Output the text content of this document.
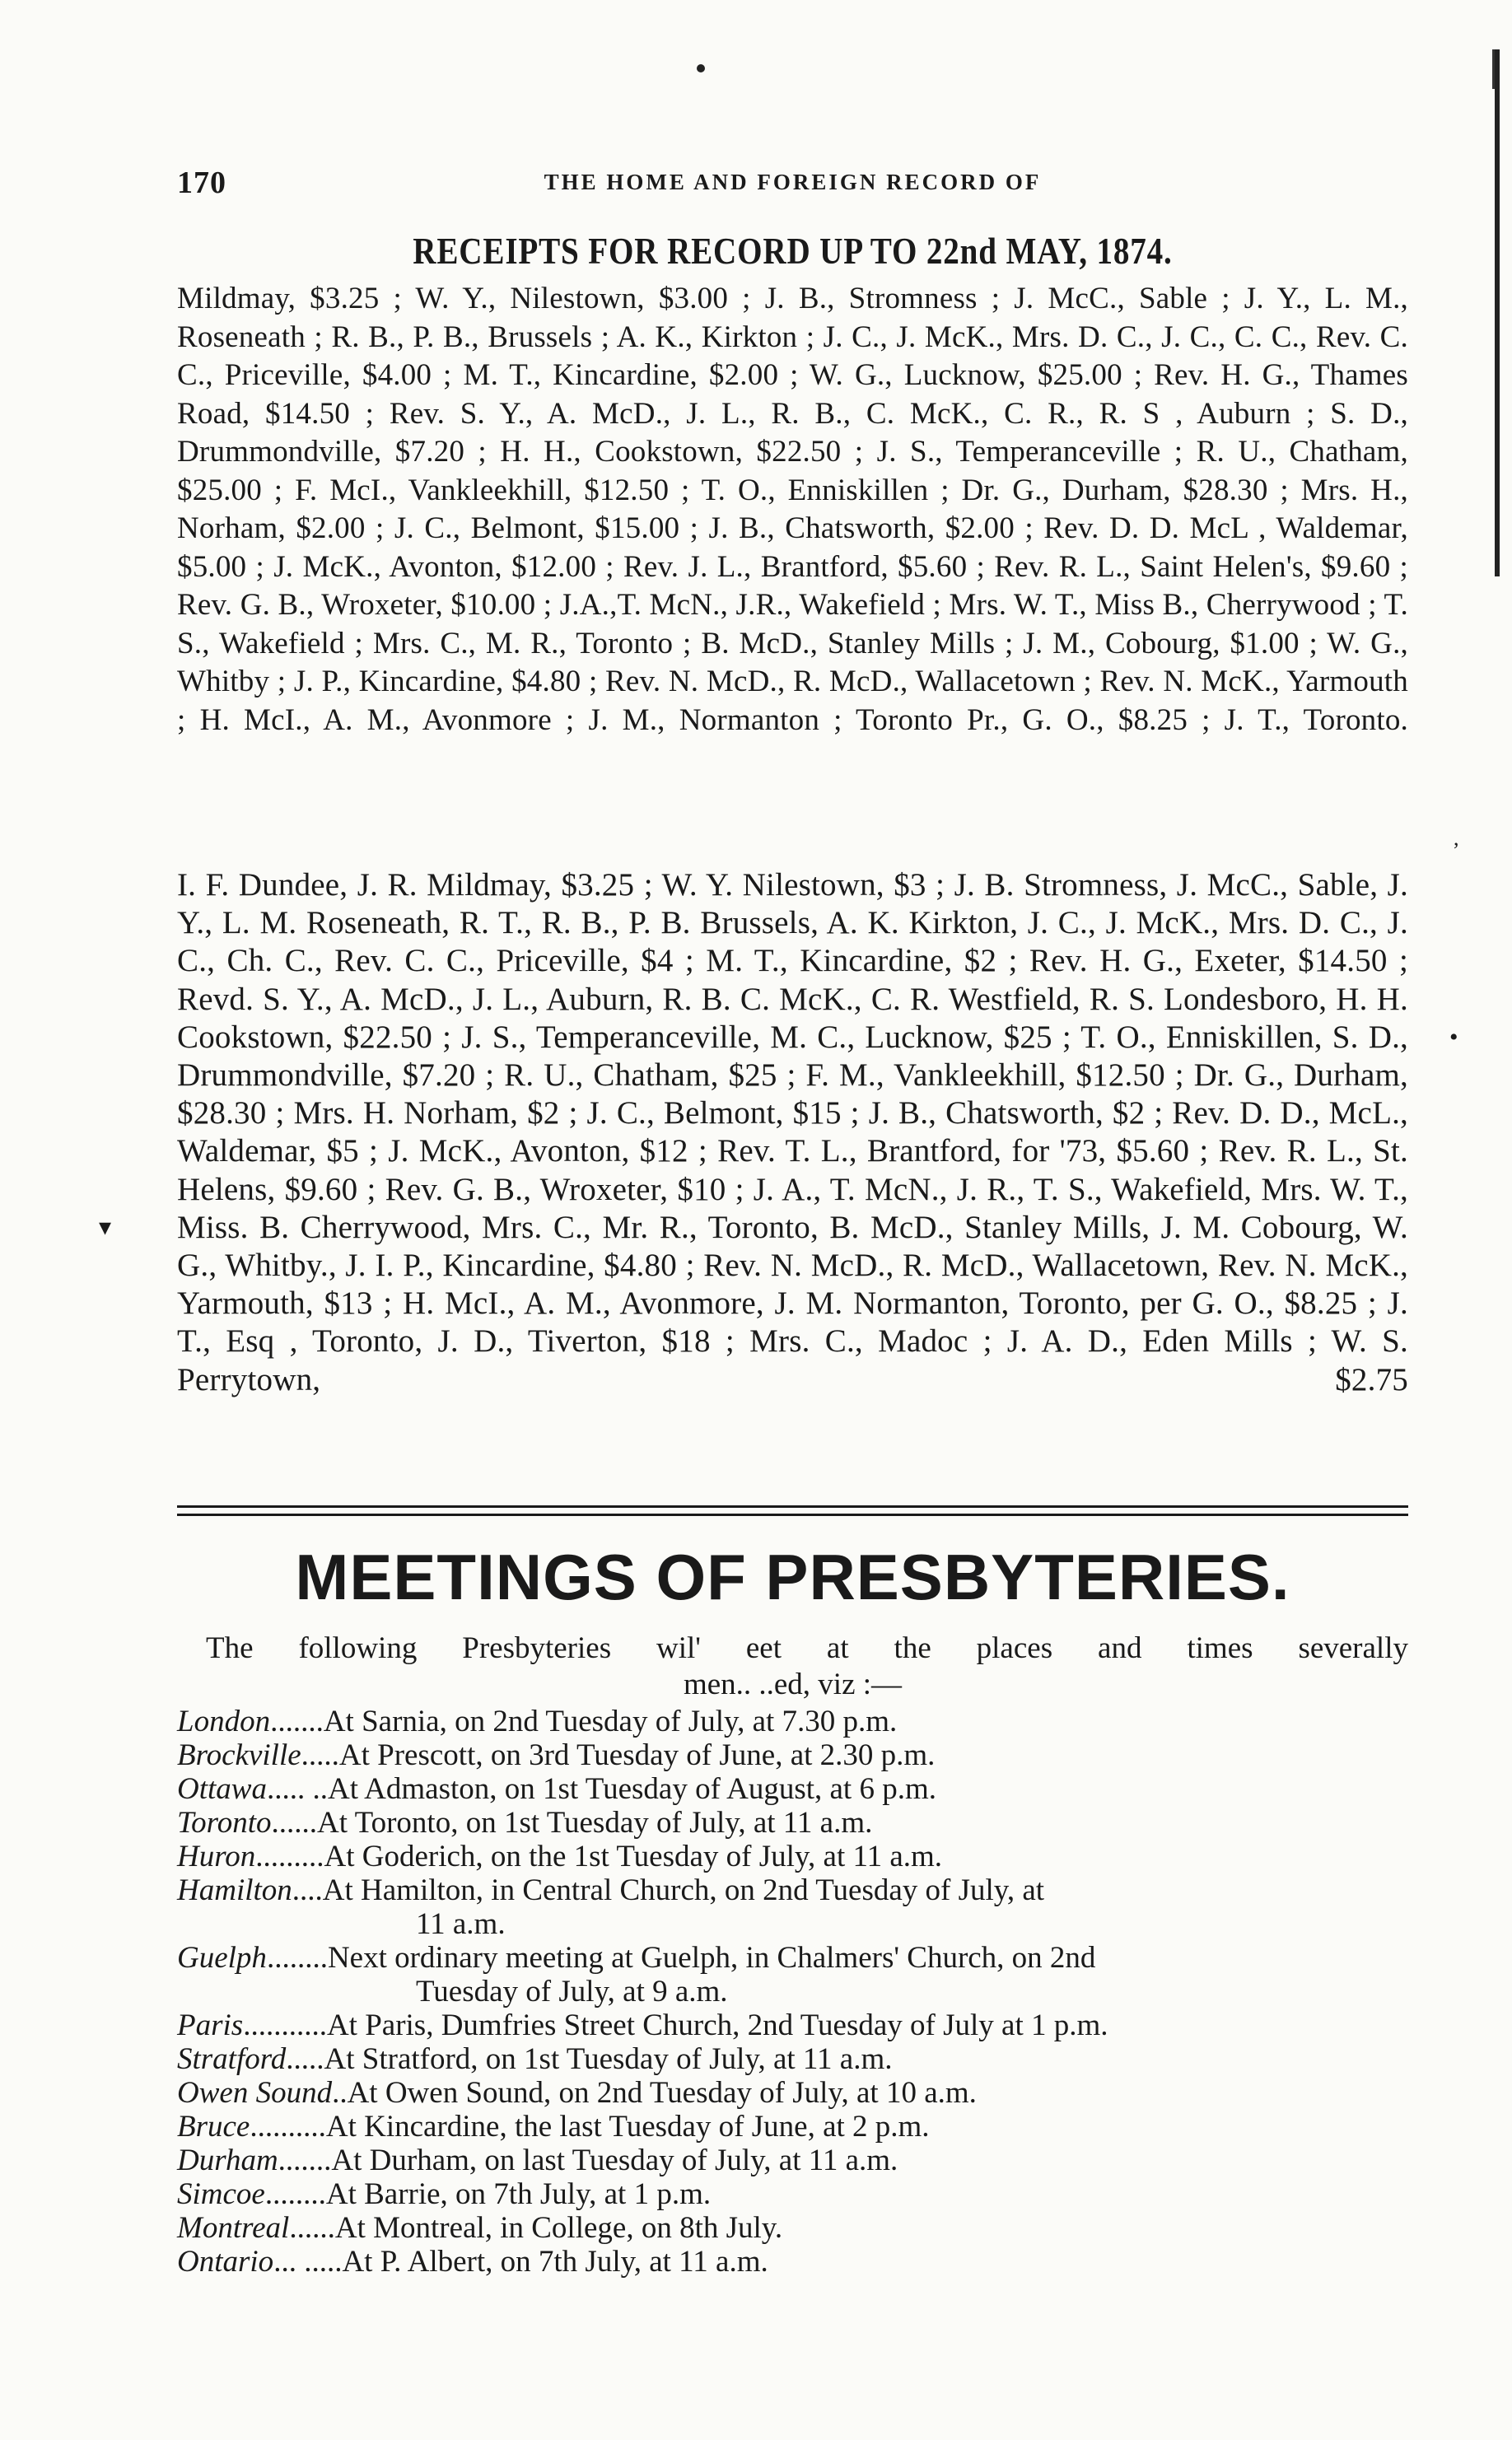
170	THE HOME AND FOREIGN RECORD OF
RECEIPTS FOR RECORD UP TO 22nd MAY, 1874.

Mildmay, $3.25 ; W. Y., Nilestown, $3.00 ; J. B., Stromness ; J. McC., Sable ; J. Y., L. M., Roseneath ; R. B., P. B., Brussels ; A. K., Kirkton ; J. C., J. McK., Mrs. D. C., J. C., C. C., Rev. C. C., Priceville, $4.00 ; M. T., Kincardine, $2.00 ; W. G., Lucknow, $25.00 ; Rev. H. G., Thames Road, $14.50 ; Rev. S. Y., A. McD., J. L., R. B., C. McK., C. R., R. S , Auburn ; S. D., Drummondville, $7.20 ; H. H., Cookstown, $22.50 ; J. S., Temperanceville ; R. U., Chatham, $25.00 ; F. McI., Vankleekhill, $12.50 ; T. O., Enniskillen ; Dr. G., Durham, $28.30 ; Mrs. H., Norham, $2.00 ; J. C., Belmont, $15.00 ; J. B., Chatsworth, $2.00 ; Rev. D. D. McL , Waldemar, $5.00 ; J. McK., Avonton, $12.00 ; Rev. J. L., Brantford, $5.60 ; Rev. R. L., Saint Helen's, $9.60 ; Rev. G. B., Wroxeter, $10.00 ; J.A.,T. McN., J.R., Wakefield ; Mrs. W. T., Miss B., Cherrywood ; T. S., Wakefield ; Mrs. C., M. R., Toronto ; B. McD., Stanley Mills ; J. M., Cobourg, $1.00 ; W. G., Whitby ; J. P., Kincardine, $4.80 ; Rev. N. McD., R. McD., Wallacetown ; Rev. N. McK., Yarmouth ; H. McI., A. M., Avonmore ; J. M., Normanton ; Toronto Pr., G. O., $8.25 ; J. T., Toronto.

I. F. Dundee, J. R. Mildmay, $3.25 ; W. Y. Nilestown, $3 ; J. B. Stromness, J. McC., Sable, J. Y., L. M. Roseneath, R. T., R. B., P. B. Brussels, A. K. Kirkton, J. C., J. McK., Mrs. D. C., J. C., Ch. C., Rev. C. C., Priceville, $4 ; M. T., Kincardine, $2 ; Rev. H. G., Exeter, $14.50 ; Revd. S. Y., A. McD., J. L., Auburn, R. B. C. McK., C. R. Westfield, R. S. Londesboro, H. H. Cookstown, $22.50 ; J. S., Temperanceville, M. C., Lucknow, $25 ; T. O., Enniskillen, S. D., Drummondville, $7.20 ; R. U., Chatham, $25 ; F. M., Vankleekhill, $12.50 ; Dr. G., Durham, $28.30 ; Mrs. H. Norham, $2 ; J. C., Belmont, $15 ; J. B., Chatsworth, $2 ; Rev. D. D., McL., Waldemar, $5 ; J. McK., Avonton, $12 ; Rev. T. L., Brantford, for '73, $5.60 ; Rev. R. L., St. Helens, $9.60 ; Rev. G. B., Wroxeter, $10 ; J. A., T. McN., J. R., T. S., Wakefield, Mrs. W. T., Miss. B. Cherrywood, Mrs. C., Mr. R., Toronto, B. McD., Stanley Mills, J. M. Cobourg, W. G., Whitby., J. I. P., Kincardine, $4.80 ; Rev. N. McD., R. McD., Wallacetown, Rev. N. McK., Yarmouth, $13 ; H. McI., A. M., Avonmore, J. M. Normanton, Toronto, per G. O., $8.25 ; J. T., Esq , Toronto, J. D., Tiverton, $18 ; Mrs. C., Madoc ; J. A. D., Eden Mills ; W. S. Perrytown, $2.75

MEETINGS OF PRESBYTERIES.

The following Presbyteries wil' eet at the places and times severally
men.. ..ed, viz :—

London ....... At Sarnia, on 2nd Tuesday of July, at 7.30 p.m.
Brockville ..... At Prescott, on 3rd Tuesday of June, at 2.30 p.m.
Ottawa ..... .. At Admaston, on 1st Tuesday of August, at 6 p.m.
Toronto ...... At Toronto, on 1st Tuesday of July, at 11 a.m.
Huron ......... At Goderich, on the 1st Tuesday of July, at 11 a.m.
Hamilton .... At Hamilton, in Central Church, on 2nd Tuesday of July, at
11 a.m.
Guelph ........ Next ordinary meeting at Guelph, in Chalmers' Church, on 2nd
Tuesday of July, at 9 a.m.
Paris ........... At Paris, Dumfries Street Church, 2nd Tuesday of July at 1 p.m.
Stratford ..... At Stratford, on 1st Tuesday of July, at 11 a.m.
Owen Sound .. At Owen Sound, on 2nd Tuesday of July, at 10 a.m.
Bruce .......... At Kincardine, the last Tuesday of June, at 2 p.m.
Durham ....... At Durham, on last Tuesday of July, at 11 a.m.
Simcoe ........ At Barrie, on 7th July, at 1 p.m.
Montreal ...... At Montreal, in College, on 8th July.
Ontario ... ..... At P. Albert, on 7th July, at 11 a.m.
▾
•
,
